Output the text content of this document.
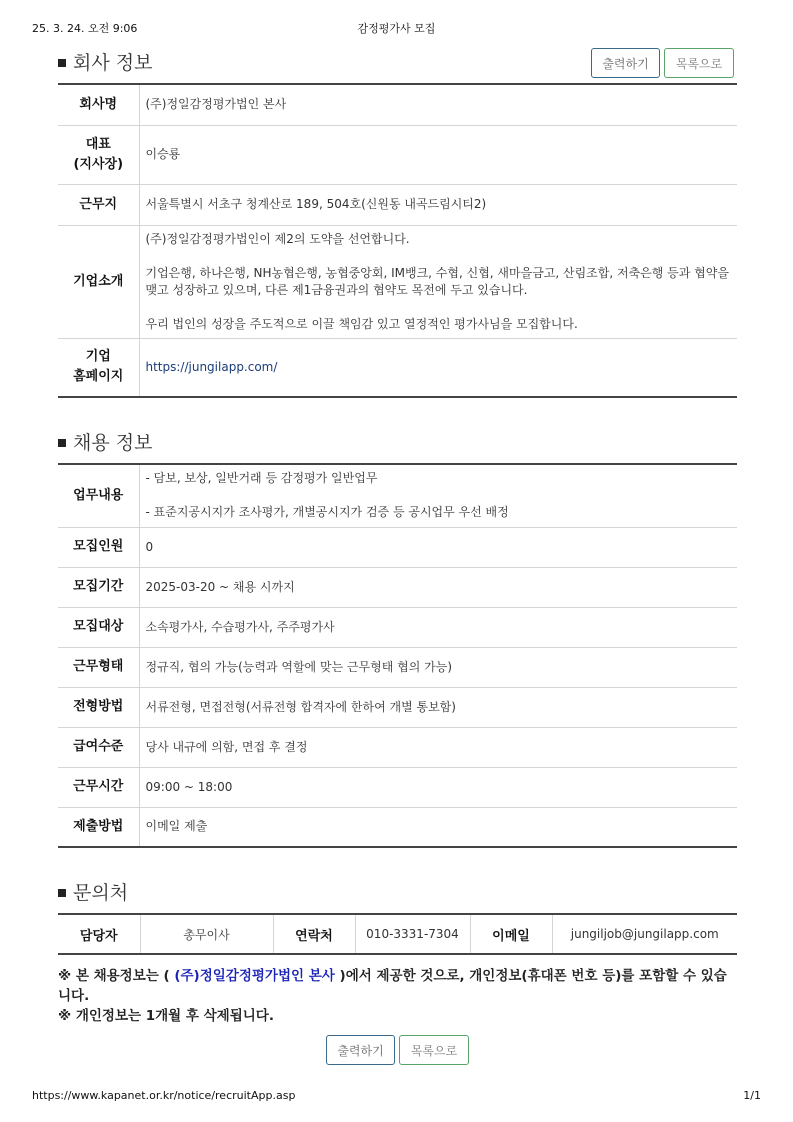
25. 3. 24. 오전 9:06	감정평가사 모집
회사 정보	출력하기	목록으로
회사명	(주)정일감정평가법인 본사
대표
(지사장)	이승룡
근무지	서울특별시 서초구 청계산로 189, 504호(신원동 내곡드림시티2)
기업소개	(주)정일감정평가법인이 제2의 도약을 선언합니다.

기업은행, 하나은행, NH농협은행, 농협중앙회, IM뱅크, 수협, 신협, 새마을금고, 산림조합, 저축은행 등과 협약을 맺고 성장하고 있으며, 다른 제1금융권과의 협약도 목전에 두고 있습니다.

우리 법인의 성장을 주도적으로 이끌 책임감 있고 열정적인 평가사님을 모집합니다.
기업
홈페이지	https://jungilapp.com/
채용 정보
업무내용	- 담보, 보상, 일반거래 등 감정평가 일반업무

- 표준지공시지가 조사평가, 개별공시지가 검증 등 공시업무 우선 배정
모집인원	0
모집기간	2025-03-20 ~ 채용 시까지
모집대상	소속평가사, 수습평가사, 주주평가사
근무형태	정규직, 협의 가능(능력과 역할에 맞는 근무형태 협의 가능)
전형방법	서류전형, 면접전형(서류전형 합격자에 한하여 개별 통보함)
급여수준	당사 내규에 의함, 면접 후 결정
근무시간	09:00 ~ 18:00
제출방법	이메일 제출
문의처
담당자	총무이사	연락처	010-3331-7304	이메일	jungiljob@jungilapp.com
※ 본 채용정보는 ( (주)정일감정평가법인 본사 )에서 제공한 것으로, 개인정보(휴대폰 번호 등)를 포함할 수 있습니다.
※ 개인정보는 1개월 후 삭제됩니다.
출력하기	목록으로
https://www.kapanet.or.kr/notice/recruitApp.asp	1/1
